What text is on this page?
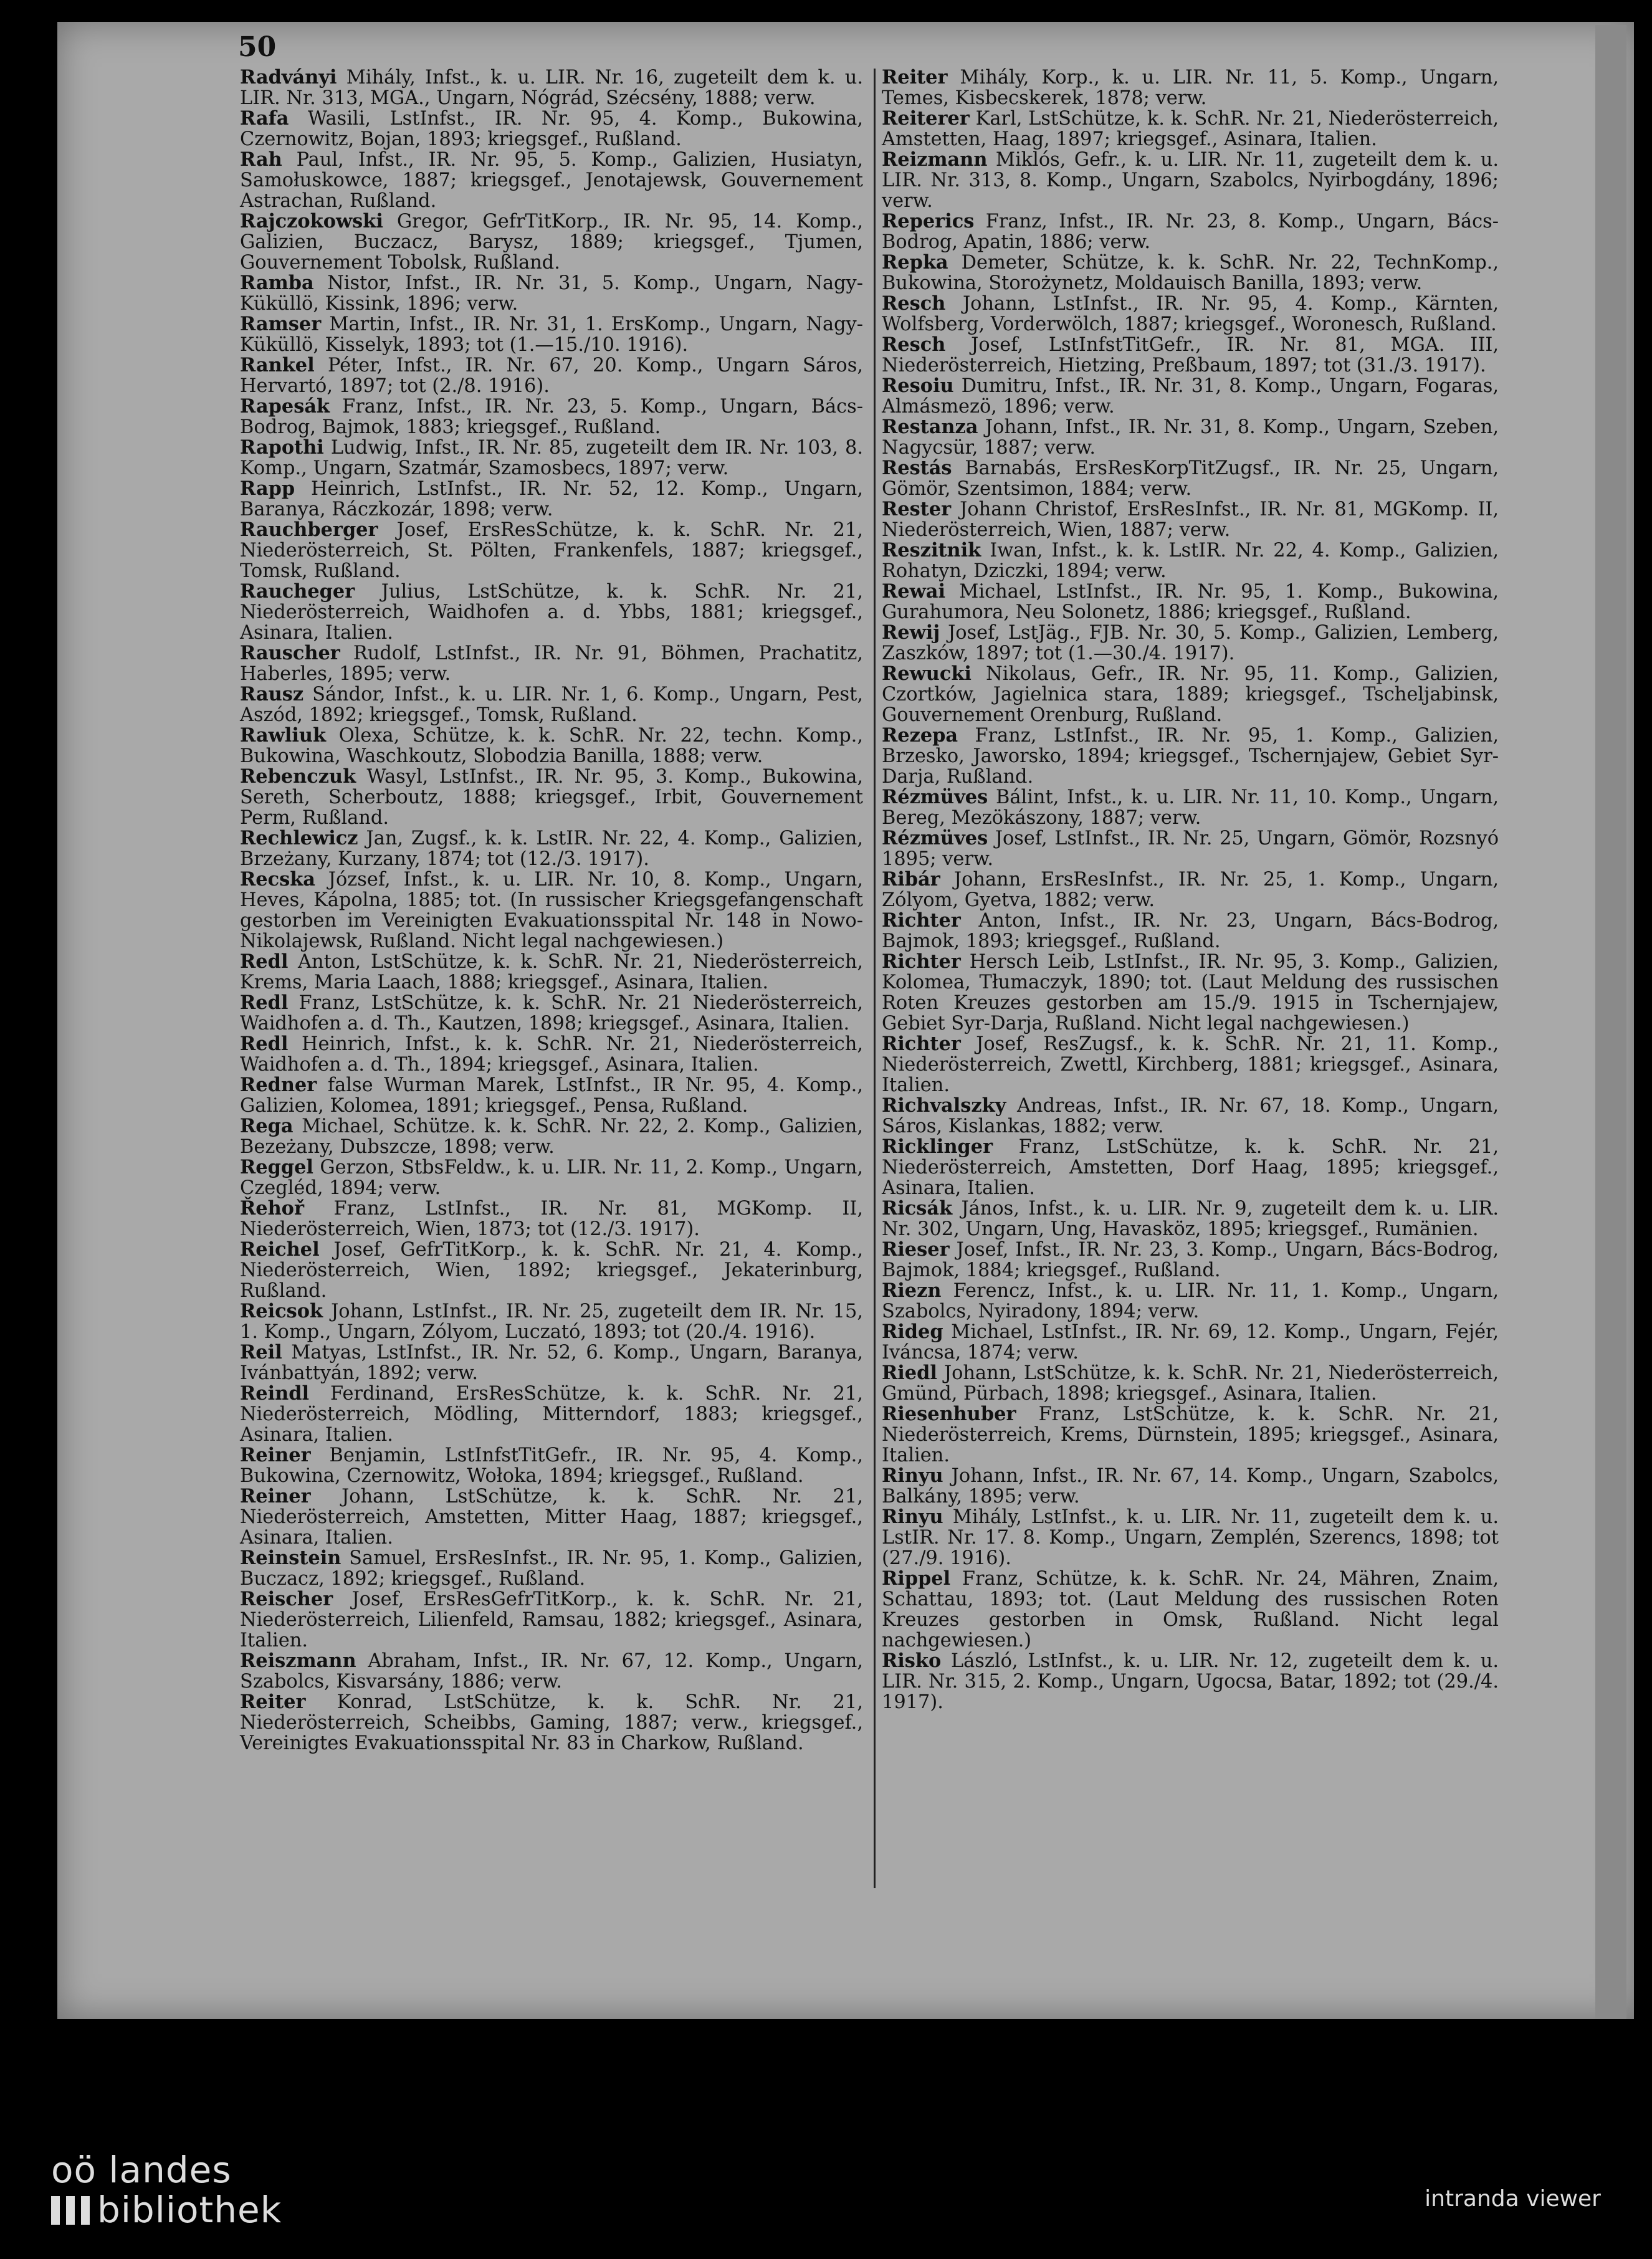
50

Radványi Mihály, Infst., k. u. LIR. Nr. 16, zugeteilt dem k. u. LIR. Nr. 313, MGA., Ungarn, Nógrád, Szécsény, 1888; verw.

Rafa Wasili, LstInfst., IR. Nr. 95, 4. Komp., Bukowina, Czernowitz, Bojan, 1893; kriegsgef., Rußland.

Rah Paul, Infst., IR. Nr. 95, 5. Komp., Galizien, Husiatyn, Samołuskowce, 1887; kriegsgef., Jenotajewsk, Gouvernement Astrachan, Rußland.

Rajczokowski Gregor, GefrTitKorp., IR. Nr. 95, 14. Komp., Galizien, Buczacz, Barysz, 1889; kriegsgef., Tjumen, Gouvernement Tobolsk, Rußland.

Ramba Nistor, Infst., IR. Nr. 31, 5. Komp., Ungarn, Nagy-Küküllö, Kissink, 1896; verw.

Ramser Martin, Infst., IR. Nr. 31, 1. ErsKomp., Ungarn, Nagy-Küküllö, Kisselyk, 1893; tot (1.—15./10. 1916).

Rankel Péter, Infst., IR. Nr. 67, 20. Komp., Ungarn Sáros, Hervartó, 1897; tot (2./8. 1916).

Rapesák Franz, Infst., IR. Nr. 23, 5. Komp., Ungarn, Bács-Bodrog, Bajmok, 1883; kriegsgef., Rußland.

Rapothi Ludwig, Infst., IR. Nr. 85, zugeteilt dem IR. Nr. 103, 8. Komp., Ungarn, Szatmár, Szamosbecs, 1897; verw.

Rapp Heinrich, LstInfst., IR. Nr. 52, 12. Komp., Ungarn, Baranya, Ráczkozár, 1898; verw.

Rauchberger Josef, ErsResSchütze, k. k. SchR. Nr. 21, Niederösterreich, St. Pölten, Frankenfels, 1887; kriegsgef., Tomsk, Rußland.

Raucheger Julius, LstSchütze, k. k. SchR. Nr. 21, Niederösterreich, Waidhofen a. d. Ybbs, 1881; kriegsgef., Asinara, Italien.

Rauscher Rudolf, LstInfst., IR. Nr. 91, Böhmen, Prachatitz, Haberles, 1895; verw.

Rausz Sándor, Infst., k. u. LIR. Nr. 1, 6. Komp., Ungarn, Pest, Aszód, 1892; kriegsgef., Tomsk, Rußland.

Rawliuk Olexa, Schütze, k. k. SchR. Nr. 22, techn. Komp., Bukowina, Waschkoutz, Slobodzia Banilla, 1888; verw.

Rebenczuk Wasyl, LstInfst., IR. Nr. 95, 3. Komp., Bukowina, Sereth, Scherboutz, 1888; kriegsgef., Irbit, Gouvernement Perm, Rußland.

Rechlewicz Jan, Zugsf., k. k. LstIR. Nr. 22, 4. Komp., Galizien, Brzeżany, Kurzany, 1874; tot (12./3. 1917).

Recska József, Infst., k. u. LIR. Nr. 10, 8. Komp., Ungarn, Heves, Kápolna, 1885; tot. (In russischer Kriegsgefangenschaft gestorben im Vereinigten Evakuationsspital Nr. 148 in Nowo-Nikolajewsk, Rußland. Nicht legal nachgewiesen.)

Redl Anton, LstSchütze, k. k. SchR. Nr. 21, Niederösterreich, Krems, Maria Laach, 1888; kriegsgef., Asinara, Italien.

Redl Franz, LstSchütze, k. k. SchR. Nr. 21 Niederösterreich, Waidhofen a. d. Th., Kautzen, 1898; kriegsgef., Asinara, Italien.

Redl Heinrich, Infst., k. k. SchR. Nr. 21, Niederösterreich, Waidhofen a. d. Th., 1894; kriegsgef., Asinara, Italien.

Redner false Wurman Marek, LstInfst., IR Nr. 95, 4. Komp., Galizien, Kolomea, 1891; kriegsgef., Pensa, Rußland.

Rega Michael, Schütze. k. k. SchR. Nr. 22, 2. Komp., Galizien, Bezeżany, Dubszcze, 1898; verw.

Reggel Gerzon, StbsFeldw., k. u. LIR. Nr. 11, 2. Komp., Ungarn, Czegléd, 1894; verw.

Řehoř Franz, LstInfst., IR. Nr. 81, MGKomp. II, Niederösterreich, Wien, 1873; tot (12./3. 1917).

Reichel Josef, GefrTitKorp., k. k. SchR. Nr. 21, 4. Komp., Niederösterreich, Wien, 1892; kriegsgef., Jekaterinburg, Rußland.

Reicsok Johann, LstInfst., IR. Nr. 25, zugeteilt dem IR. Nr. 15, 1. Komp., Ungarn, Zólyom, Luczató, 1893; tot (20./4. 1916).

Reil Matyas, LstInfst., IR. Nr. 52, 6. Komp., Ungarn, Baranya, Ivánbattyán, 1892; verw.

Reindl Ferdinand, ErsResSchütze, k. k. SchR. Nr. 21, Niederösterreich, Mödling, Mitterndorf, 1883; kriegsgef., Asinara, Italien.

Reiner Benjamin, LstInfstTitGefr., IR. Nr. 95, 4. Komp., Bukowina, Czernowitz, Wołoka, 1894; kriegsgef., Rußland.

Reiner Johann, LstSchütze, k. k. SchR. Nr. 21, Niederösterreich, Amstetten, Mitter Haag, 1887; kriegsgef., Asinara, Italien.

Reinstein Samuel, ErsResInfst., IR. Nr. 95, 1. Komp., Galizien, Buczacz, 1892; kriegsgef., Rußland.

Reischer Josef, ErsResGefrTitKorp., k. k. SchR. Nr. 21, Niederösterreich, Lilienfeld, Ramsau, 1882; kriegsgef., Asinara, Italien.

Reiszmann Abraham, Infst., IR. Nr. 67, 12. Komp., Ungarn, Szabolcs, Kisvarsány, 1886; verw.

Reiter Konrad, LstSchütze, k. k. SchR. Nr. 21, Niederösterreich, Scheibbs, Gaming, 1887; verw., kriegsgef., Vereinigtes Evakuationsspital Nr. 83 in Charkow, Rußland.

Reiter Mihály, Korp., k. u. LIR. Nr. 11, 5. Komp., Ungarn, Temes, Kisbecskerek, 1878; verw.

Reiterer Karl, LstSchütze, k. k. SchR. Nr. 21, Niederösterreich, Amstetten, Haag, 1897; kriegsgef., Asinara, Italien.

Reizmann Miklós, Gefr., k. u. LIR. Nr. 11, zugeteilt dem k. u. LIR. Nr. 313, 8. Komp., Ungarn, Szabolcs, Nyirbogdány, 1896; verw.

Reperics Franz, Infst., IR. Nr. 23, 8. Komp., Ungarn, Bács-Bodrog, Apatin, 1886; verw.

Repka Demeter, Schütze, k. k. SchR. Nr. 22, TechnKomp., Bukowina, Storożynetz, Moldauisch Banilla, 1893; verw.

Resch Johann, LstInfst., IR. Nr. 95, 4. Komp., Kärnten, Wolfsberg, Vorderwölch, 1887; kriegsgef., Woronesch, Rußland.

Resch Josef, LstInfstTitGefr., IR. Nr. 81, MGA. III, Niederösterreich, Hietzing, Preßbaum, 1897; tot (31./3. 1917).

Resoiu Dumitru, Infst., IR. Nr. 31, 8. Komp., Ungarn, Fogaras, Almásmezö, 1896; verw.

Restanza Johann, Infst., IR. Nr. 31, 8. Komp., Ungarn, Szeben, Nagycsür, 1887; verw.

Restás Barnabás, ErsResKorpTitZugsf., IR. Nr. 25, Ungarn, Gömör, Szentsimon, 1884; verw.

Rester Johann Christof, ErsResInfst., IR. Nr. 81, MGKomp. II, Niederösterreich, Wien, 1887; verw.

Reszitnik Iwan, Infst., k. k. LstIR. Nr. 22, 4. Komp., Galizien, Rohatyn, Dziczki, 1894; verw.

Rewai Michael, LstInfst., IR. Nr. 95, 1. Komp., Bukowina, Gurahumora, Neu Solonetz, 1886; kriegsgef., Rußland.

Rewij Josef, LstJäg., FJB. Nr. 30, 5. Komp., Galizien, Lemberg, Zaszków, 1897; tot (1.—30./4. 1917).

Rewucki Nikolaus, Gefr., IR. Nr. 95, 11. Komp., Galizien, Czortków, Jagielnica stara, 1889; kriegsgef., Tscheljabinsk, Gouvernement Orenburg, Rußland.

Rezepa Franz, LstInfst., IR. Nr. 95, 1. Komp., Galizien, Brzesko, Jaworsko, 1894; kriegsgef., Tschernjajew, Gebiet Syr-Darja, Rußland.

Rézmüves Bálint, Infst., k. u. LIR. Nr. 11, 10. Komp., Ungarn, Bereg, Mezökászony, 1887; verw.

Rézmüves Josef, LstInfst., IR. Nr. 25, Ungarn, Gömör, Rozsnyó 1895; verw.

Ribár Johann, ErsResInfst., IR. Nr. 25, 1. Komp., Ungarn, Zólyom, Gyetva, 1882; verw.

Richter Anton, Infst., IR. Nr. 23, Ungarn, Bács-Bodrog, Bajmok, 1893; kriegsgef., Rußland.

Richter Hersch Leib, LstInfst., IR. Nr. 95, 3. Komp., Galizien, Kolomea, Tłumaczyk, 1890; tot. (Laut Meldung des russischen Roten Kreuzes gestorben am 15./9. 1915 in Tschernjajew, Gebiet Syr-Darja, Rußland. Nicht legal nachgewiesen.)

Richter Josef, ResZugsf., k. k. SchR. Nr. 21, 11. Komp., Niederösterreich, Zwettl, Kirchberg, 1881; kriegsgef., Asinara, Italien.

Richvalszky Andreas, Infst., IR. Nr. 67, 18. Komp., Ungarn, Sáros, Kislankas, 1882; verw.

Ricklinger Franz, LstSchütze, k. k. SchR. Nr. 21, Niederösterreich, Amstetten, Dorf Haag, 1895; kriegsgef., Asinara, Italien.

Ricsák János, Infst., k. u. LIR. Nr. 9, zugeteilt dem k. u. LIR. Nr. 302, Ungarn, Ung, Havasköz, 1895; kriegsgef., Rumänien.

Rieser Josef, Infst., IR. Nr. 23, 3. Komp., Ungarn, Bács-Bodrog, Bajmok, 1884; kriegsgef., Rußland.

Riezn Ferencz, Infst., k. u. LIR. Nr. 11, 1. Komp., Ungarn, Szabolcs, Nyiradony, 1894; verw.

Rideg Michael, LstInfst., IR. Nr. 69, 12. Komp., Ungarn, Fejér, Iváncsa, 1874; verw.

Riedl Johann, LstSchütze, k. k. SchR. Nr. 21, Niederösterreich, Gmünd, Pürbach, 1898; kriegsgef., Asinara, Italien.

Riesenhuber Franz, LstSchütze, k. k. SchR. Nr. 21, Niederösterreich, Krems, Dürnstein, 1895; kriegsgef., Asinara, Italien.

Rinyu Johann, Infst., IR. Nr. 67, 14. Komp., Ungarn, Szabolcs, Balkány, 1895; verw.

Rinyu Mihály, LstInfst., k. u. LIR. Nr. 11, zugeteilt dem k. u. LstIR. Nr. 17. 8. Komp., Ungarn, Zemplén, Szerencs, 1898; tot (27./9. 1916).

Rippel Franz, Schütze, k. k. SchR. Nr. 24, Mähren, Znaim, Schattau, 1893; tot. (Laut Meldung des russischen Roten Kreuzes gestorben in Omsk, Rußland. Nicht legal nachgewiesen.)

Risko László, LstInfst., k. u. LIR. Nr. 12, zugeteilt dem k. u. LIR. Nr. 315, 2. Komp., Ungarn, Ugocsa, Batar, 1892; tot (29./4. 1917).

oö landes
bibliothek	intranda viewer
